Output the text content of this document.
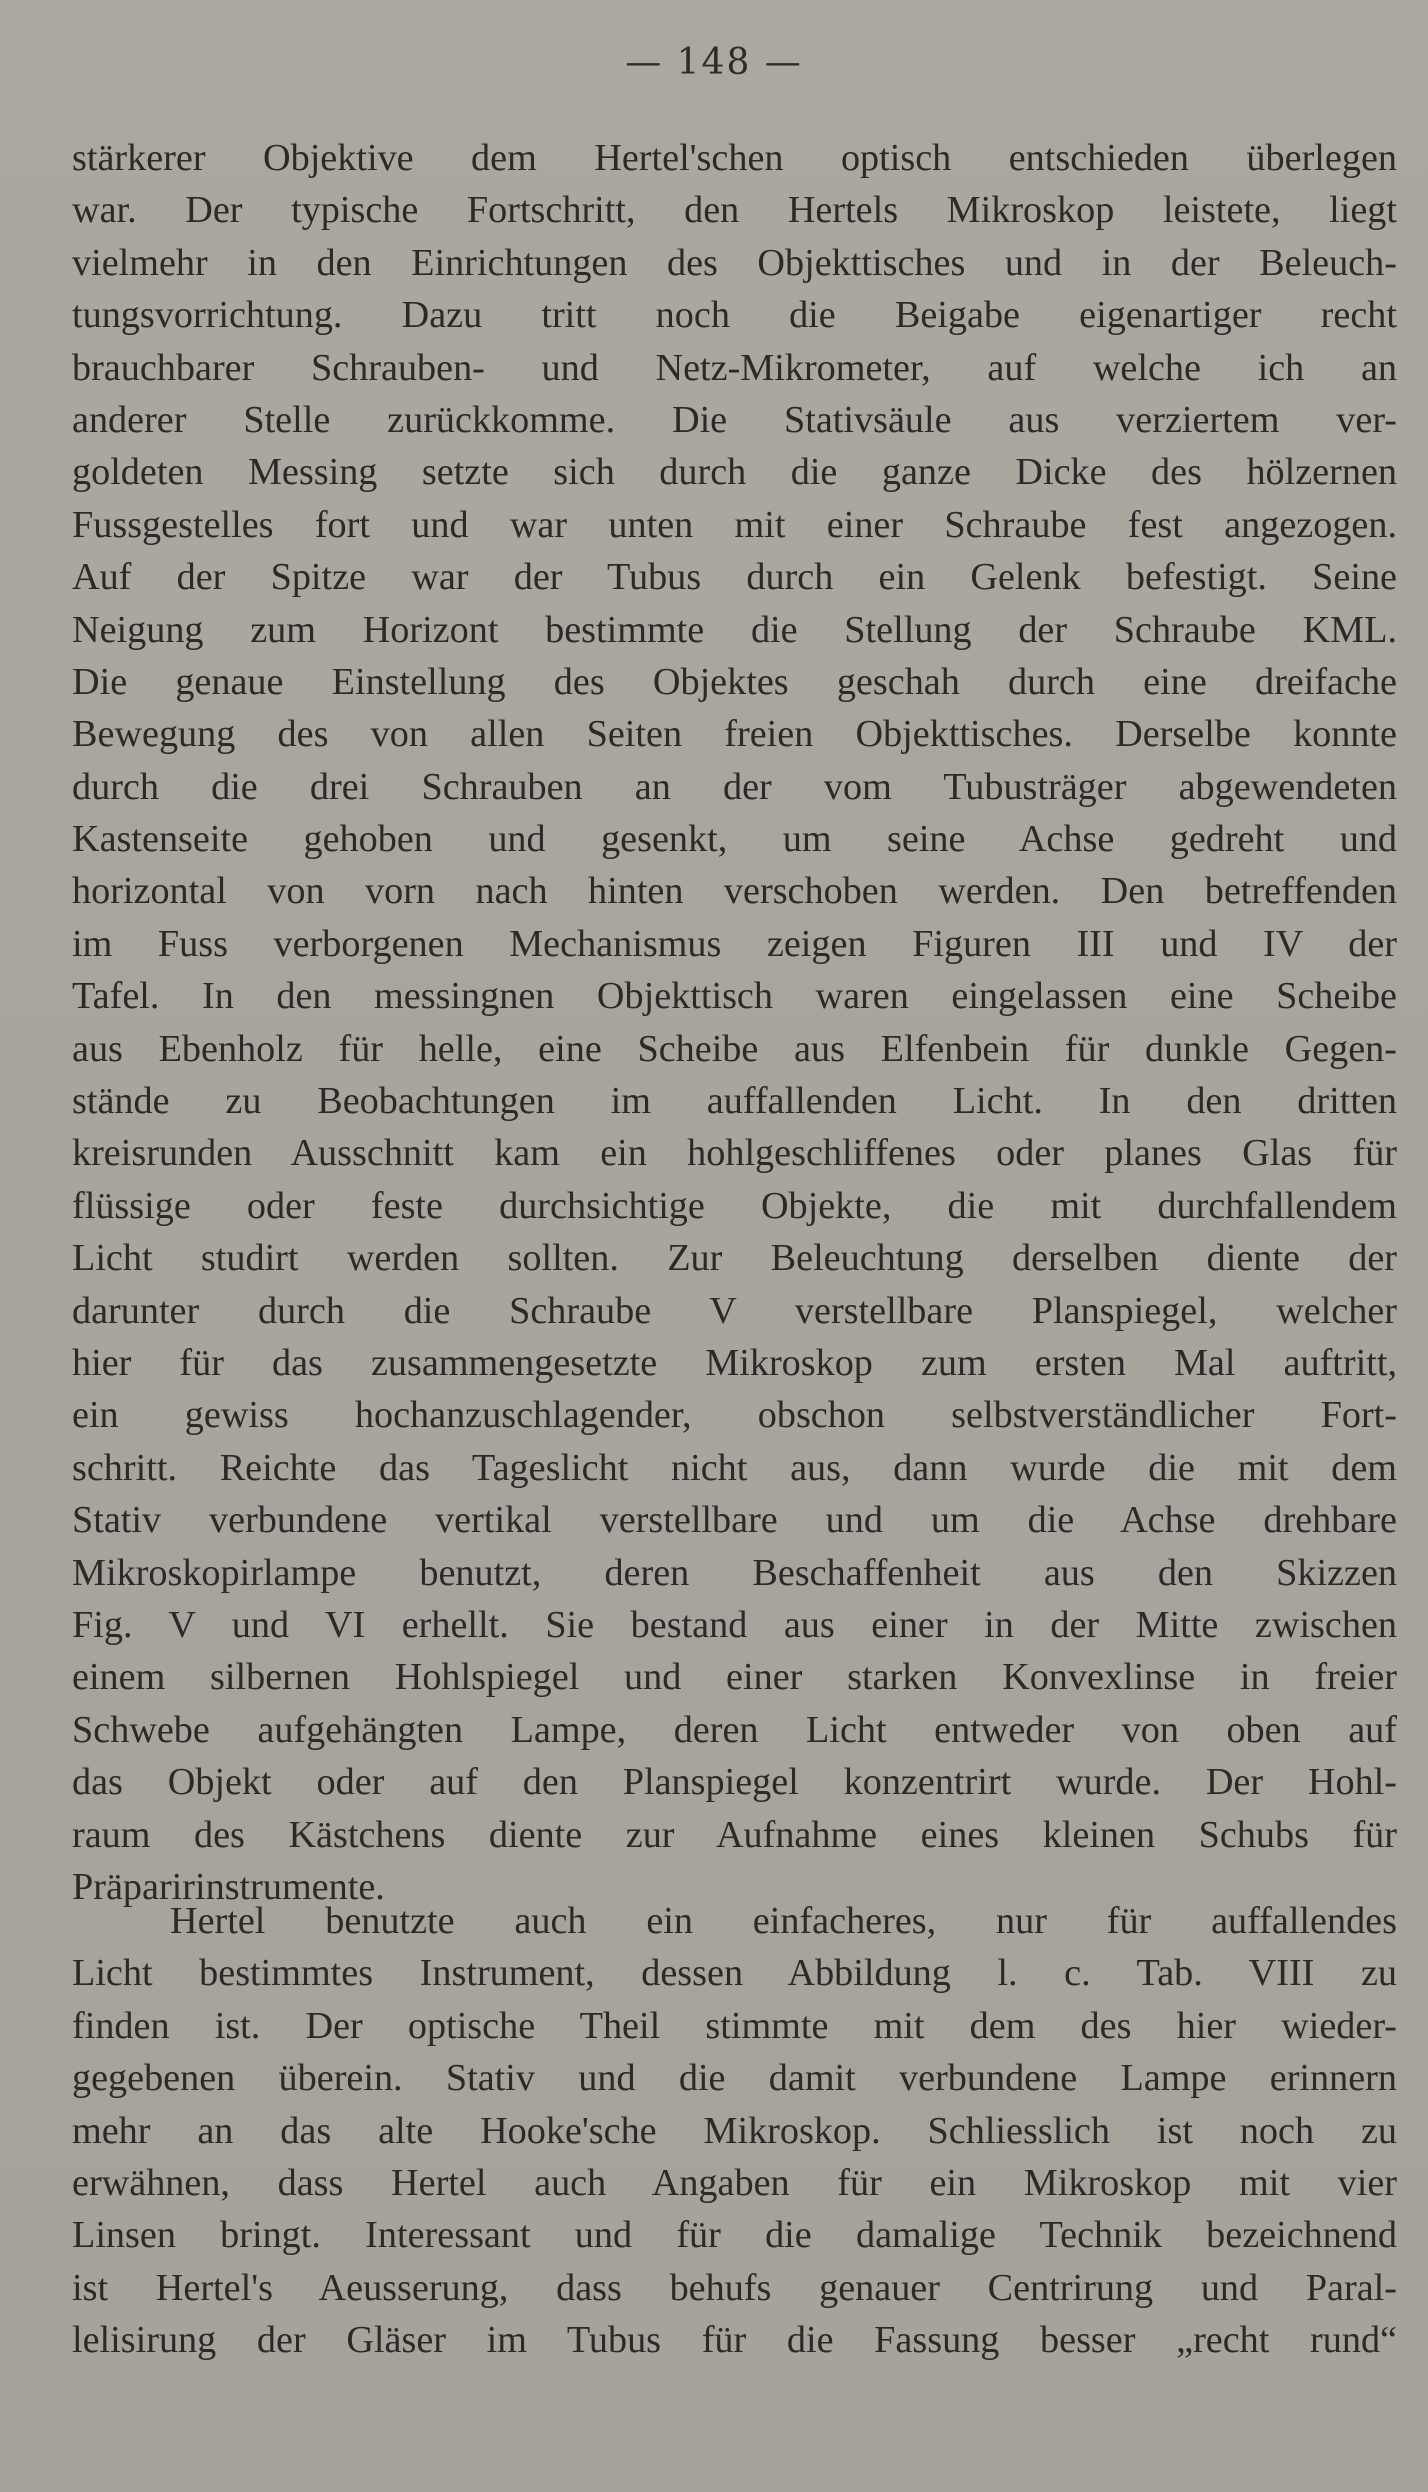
— 148 —
stärkerer Objektive dem Hertel'schen optisch entschieden überlegen
war. Der typische Fortschritt, den Hertels Mikroskop leistete, liegt
vielmehr in den Einrichtungen des Objekttisches und in der Beleuch-
tungsvorrichtung. Dazu tritt noch die Beigabe eigenartiger recht
brauchbarer Schrauben- und Netz-Mikrometer, auf welche ich an
anderer Stelle zurückkomme. Die Stativsäule aus verziertem ver-
goldeten Messing setzte sich durch die ganze Dicke des hölzernen
Fussgestelles fort und war unten mit einer Schraube fest angezogen.
Auf der Spitze war der Tubus durch ein Gelenk befestigt. Seine
Neigung zum Horizont bestimmte die Stellung der Schraube KML.
Die genaue Einstellung des Objektes geschah durch eine dreifache
Bewegung des von allen Seiten freien Objekttisches. Derselbe konnte
durch die drei Schrauben an der vom Tubusträger abgewendeten
Kastenseite gehoben und gesenkt, um seine Achse gedreht und
horizontal von vorn nach hinten verschoben werden. Den betreffenden
im Fuss verborgenen Mechanismus zeigen Figuren III und IV der
Tafel. In den messingnen Objekttisch waren eingelassen eine Scheibe
aus Ebenholz für helle, eine Scheibe aus Elfenbein für dunkle Gegen-
stände zu Beobachtungen im auffallenden Licht. In den dritten
kreisrunden Ausschnitt kam ein hohlgeschliffenes oder planes Glas für
flüssige oder feste durchsichtige Objekte, die mit durchfallendem
Licht studirt werden sollten. Zur Beleuchtung derselben diente der
darunter durch die Schraube V verstellbare Planspiegel, welcher
hier für das zusammengesetzte Mikroskop zum ersten Mal auftritt,
ein gewiss hochanzuschlagender, obschon selbstverständlicher Fort-
schritt. Reichte das Tageslicht nicht aus, dann wurde die mit dem
Stativ verbundene vertikal verstellbare und um die Achse drehbare
Mikroskopirlampe benutzt, deren Beschaffenheit aus den Skizzen
Fig. V und VI erhellt. Sie bestand aus einer in der Mitte zwischen
einem silbernen Hohlspiegel und einer starken Konvexlinse in freier
Schwebe aufgehängten Lampe, deren Licht entweder von oben auf
das Objekt oder auf den Planspiegel konzentrirt wurde. Der Hohl-
raum des Kästchens diente zur Aufnahme eines kleinen Schubs für
Präparirinstrumente.
Hertel benutzte auch ein einfacheres, nur für auffallendes
Licht bestimmtes Instrument, dessen Abbildung l. c. Tab. VIII zu
finden ist. Der optische Theil stimmte mit dem des hier wieder-
gegebenen überein. Stativ und die damit verbundene Lampe erinnern
mehr an das alte Hooke'sche Mikroskop. Schliesslich ist noch zu
erwähnen, dass Hertel auch Angaben für ein Mikroskop mit vier
Linsen bringt. Interessant und für die damalige Technik bezeichnend
ist Hertel's Aeusserung, dass behufs genauer Centrirung und Paral-
lelisirung der Gläser im Tubus für die Fassung besser „recht rund“
